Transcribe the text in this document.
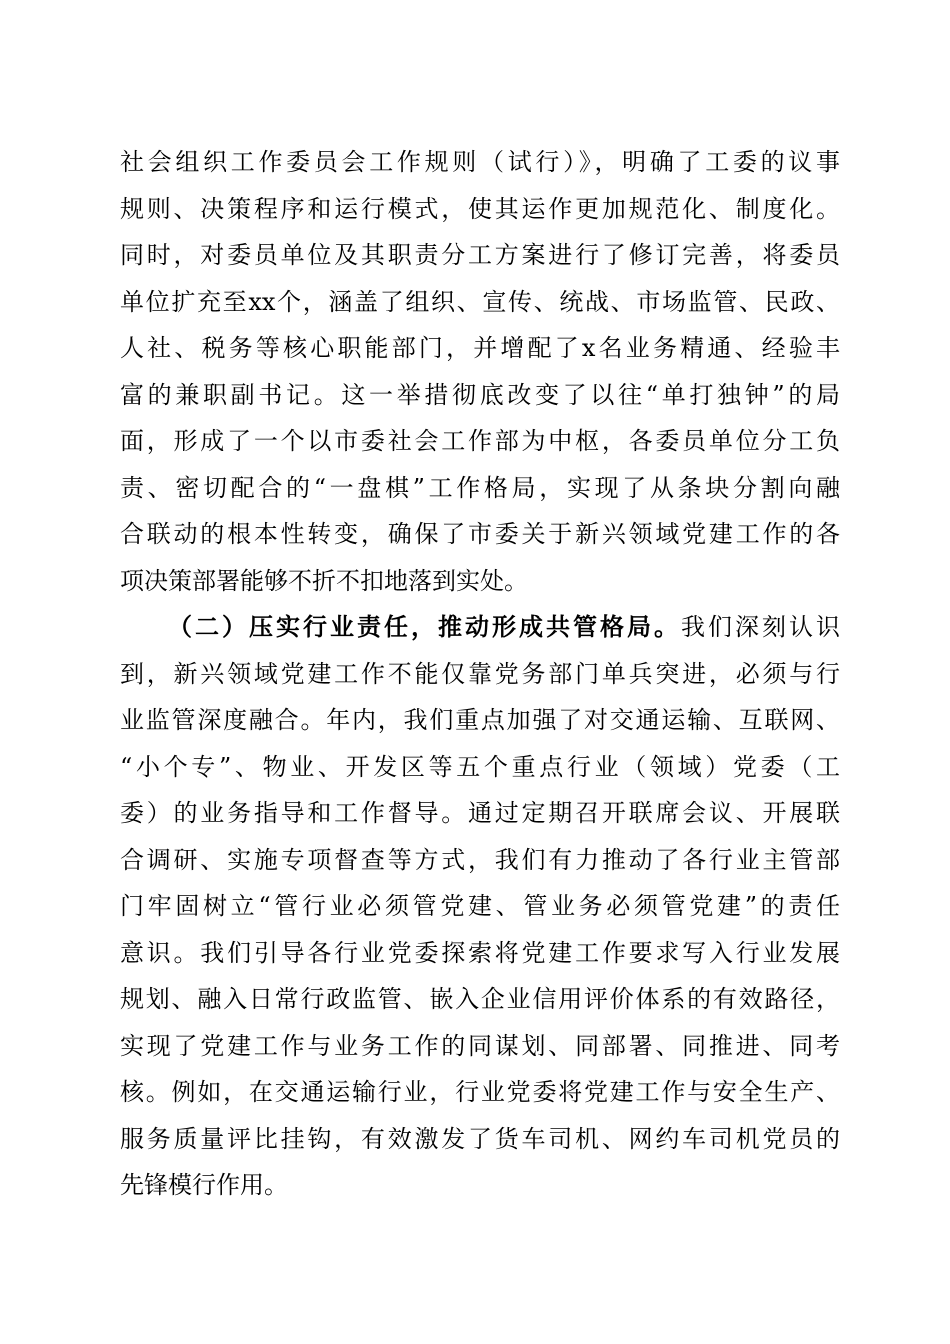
社会组织工作委员会工作规则（试行）》，明确了工委的议事
规则、决策程序和运行模式，使其运作更加规范化、制度化。
同时，对委员单位及其职责分工方案进行了修订完善，将委员
单位扩充至xx个，涵盖了组织、宣传、统战、市场监管、民政、
人社、税务等核心职能部门，并增配了x名业务精通、经验丰
富的兼职副书记。这一举措彻底改变了以往“单打独钟”的局
面，形成了一个以市委社会工作部为中枢，各委员单位分工负
责、密切配合的“一盘棋”工作格局，实现了从条块分割向融
合联动的根本性转变，确保了市委关于新兴领域党建工作的各
项决策部署能够不折不扣地落到实处。
（二）压实行业责任，推动形成共管格局。我们深刻认识
到，新兴领域党建工作不能仅靠党务部门单兵突进，必须与行
业监管深度融合。年内，我们重点加强了对交通运输、互联网、
“小个专”、物业、开发区等五个重点行业（领域）党委（工
委）的业务指导和工作督导。通过定期召开联席会议、开展联
合调研、实施专项督查等方式，我们有力推动了各行业主管部
门牢固树立“管行业必须管党建、管业务必须管党建”的责任
意识。我们引导各行业党委探索将党建工作要求写入行业发展
规划、融入日常行政监管、嵌入企业信用评价体系的有效路径，
实现了党建工作与业务工作的同谋划、同部署、同推进、同考
核。例如，在交通运输行业，行业党委将党建工作与安全生产、
服务质量评比挂钩，有效激发了货车司机、网约车司机党员的
先锋模行作用。
